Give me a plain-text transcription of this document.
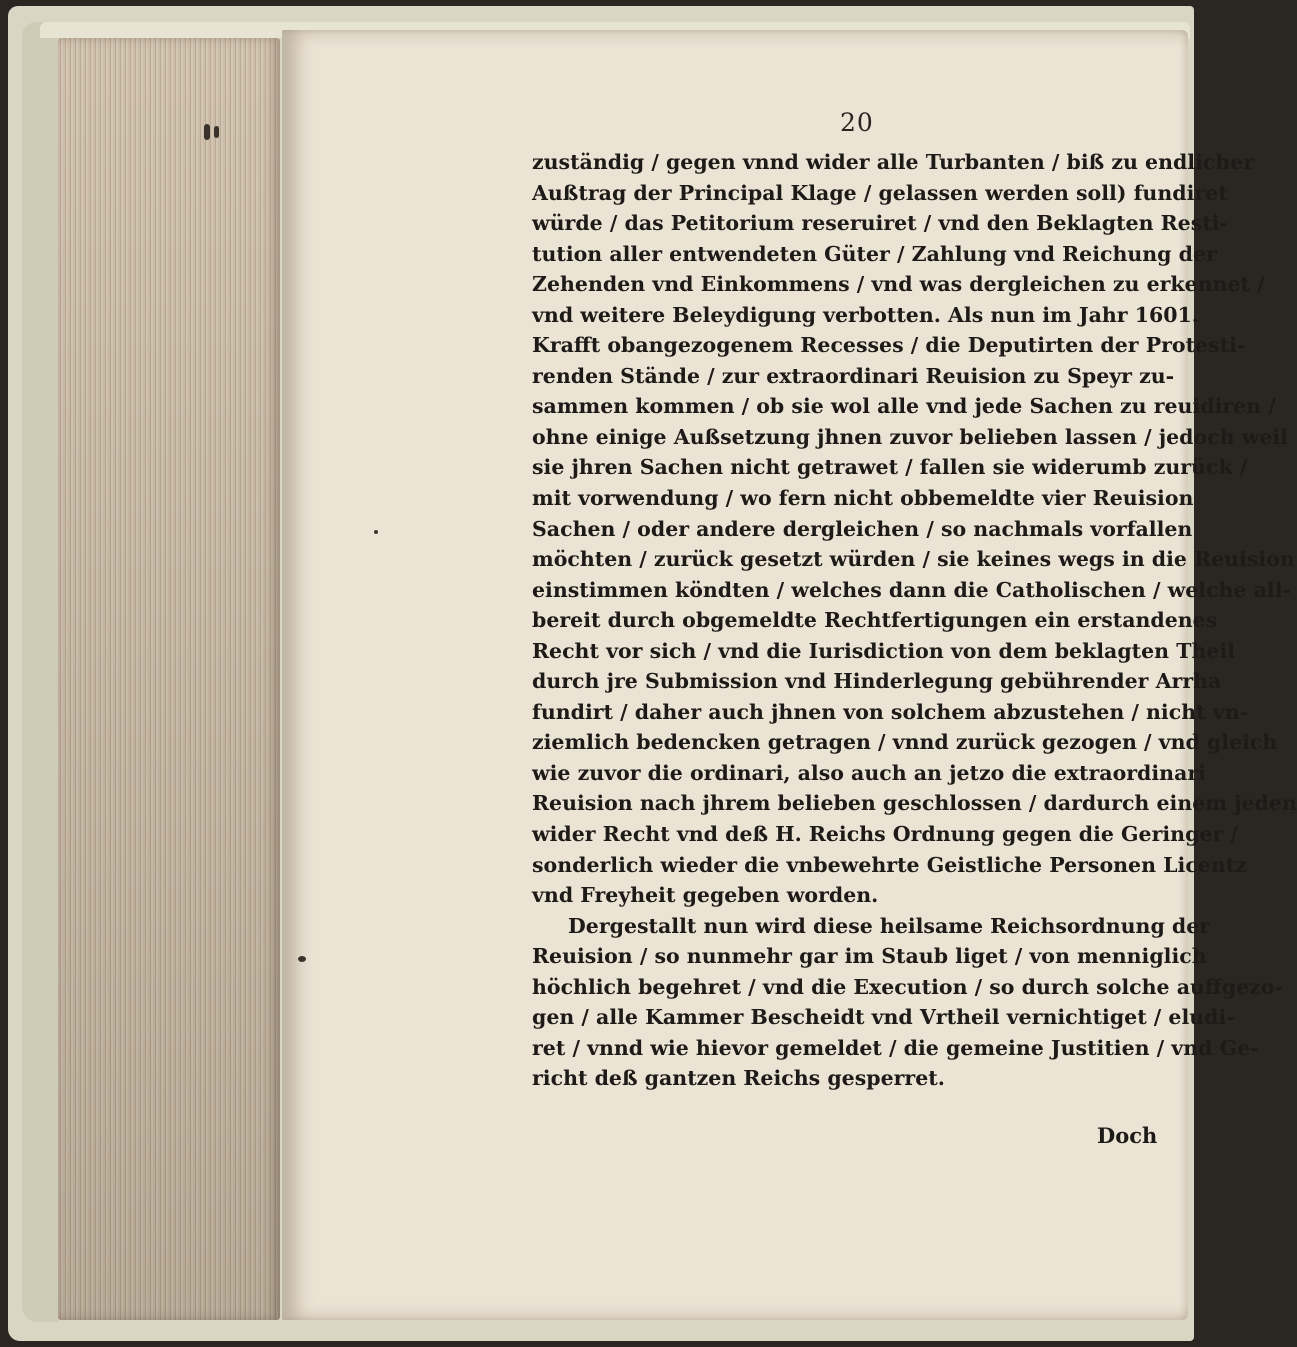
20
zuständig / gegen vnnd wider alle Turbanten / biß zu endlicher
Außtrag der Principal Klage / gelassen werden soll) fundiret
würde / das Petitorium reseruiret / vnd den Beklagten Resti-
tution aller entwendeten Güter / Zahlung vnd Reichung der
Zehenden vnd Einkommens / vnd was dergleichen zu erkennet /
vnd weitere Beleydigung verbotten. Als nun im Jahr 1601.
Krafft obangezogenem Recesses / die Deputirten der Protesti-
renden Stände / zur extraordinari Reuision zu Speyr zu-
sammen kommen / ob sie wol alle vnd jede Sachen zu reuidiren /
ohne einige Außsetzung jhnen zuvor belieben lassen / jedoch weil
sie jhren Sachen nicht getrawet / fallen sie widerumb zurück /
mit vorwendung / wo fern nicht obbemeldte vier Reuision
Sachen / oder andere dergleichen / so nachmals vorfallen
möchten / zurück gesetzt würden / sie keines wegs in die Reuision
einstimmen köndten / welches dann die Catholischen / welche all-
bereit durch obgemeldte Rechtfertigungen ein erstandenes
Recht vor sich / vnd die Iurisdiction von dem beklagten Theil
durch jre Submission vnd Hinderlegung gebührender Arrha
fundirt / daher auch jhnen von solchem abzustehen / nicht vn-
ziemlich bedencken getragen / vnnd zurück gezogen / vnd gleich
wie zuvor die ordinari, also auch an jetzo die extraordinari
Reuision nach jhrem belieben geschlossen / dardurch einem jeden
wider Recht vnd deß H. Reichs Ordnung gegen die Geringer /
sonderlich wieder die vnbewehrte Geistliche Personen Licentz
vnd Freyheit gegeben worden.
Dergestallt nun wird diese heilsame Reichsordnung der
Reuision / so nunmehr gar im Staub liget / von menniglich
höchlich begehret / vnd die Execution / so durch solche auffgezo-
gen / alle Kammer Bescheidt vnd Vrtheil vernichtiget / eludi-
ret / vnnd wie hievor gemeldet / die gemeine Justitien / vnd Ge-
richt deß gantzen Reichs gesperret.
Doch
